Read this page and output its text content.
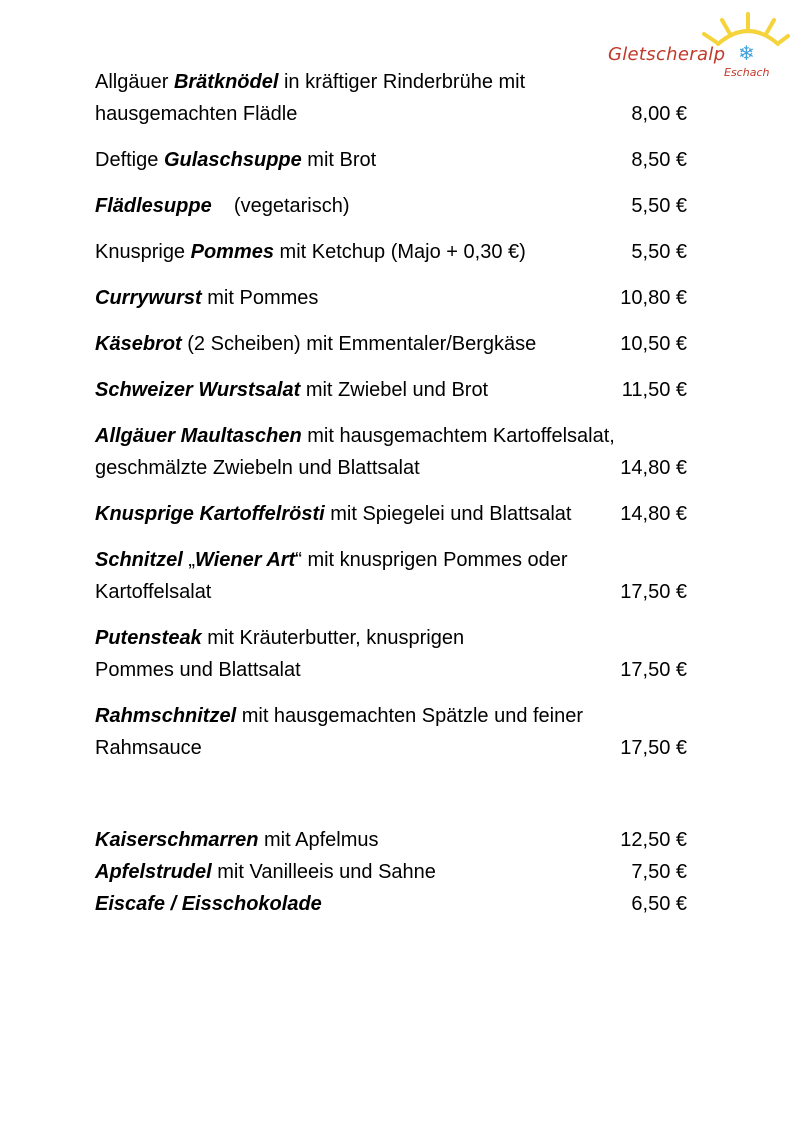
Gletscheralp ❄
Eschach
Allgäuer Brätknödel in kräftiger Rinderbrühe mit
hausgemachten Flädle	8,00 €
Deftige Gulaschsuppe mit Brot	8,50 €
Flädlesuppe    (vegetarisch)	5,50 €
Knusprige Pommes mit Ketchup (Majo + 0,30 €)	5,50 €
Currywurst mit Pommes	10,80 €
Käsebrot (2 Scheiben) mit Emmentaler/Bergkäse	10,50 €
Schweizer Wurstsalat mit Zwiebel und Brot	11,50 €
Allgäuer Maultaschen mit hausgemachtem Kartoffelsalat,
geschmälzte Zwiebeln und Blattsalat	14,80 €
Knusprige Kartoffelrösti mit Spiegelei und Blattsalat 14,80 €
Schnitzel „Wiener Art“ mit knusprigen Pommes oder
Kartoffelsalat	17,50 €
Putensteak mit Kräuterbutter, knusprigen
Pommes und Blattsalat	17,50 €
Rahmschnitzel mit hausgemachten Spätzle und feiner
Rahmsauce	17,50 €
Kaiserschmarren mit Apfelmus	12,50 €
Apfelstrudel mit Vanilleeis und Sahne	7,50 €
Eiscafe / Eisschokolade	6,50 €
